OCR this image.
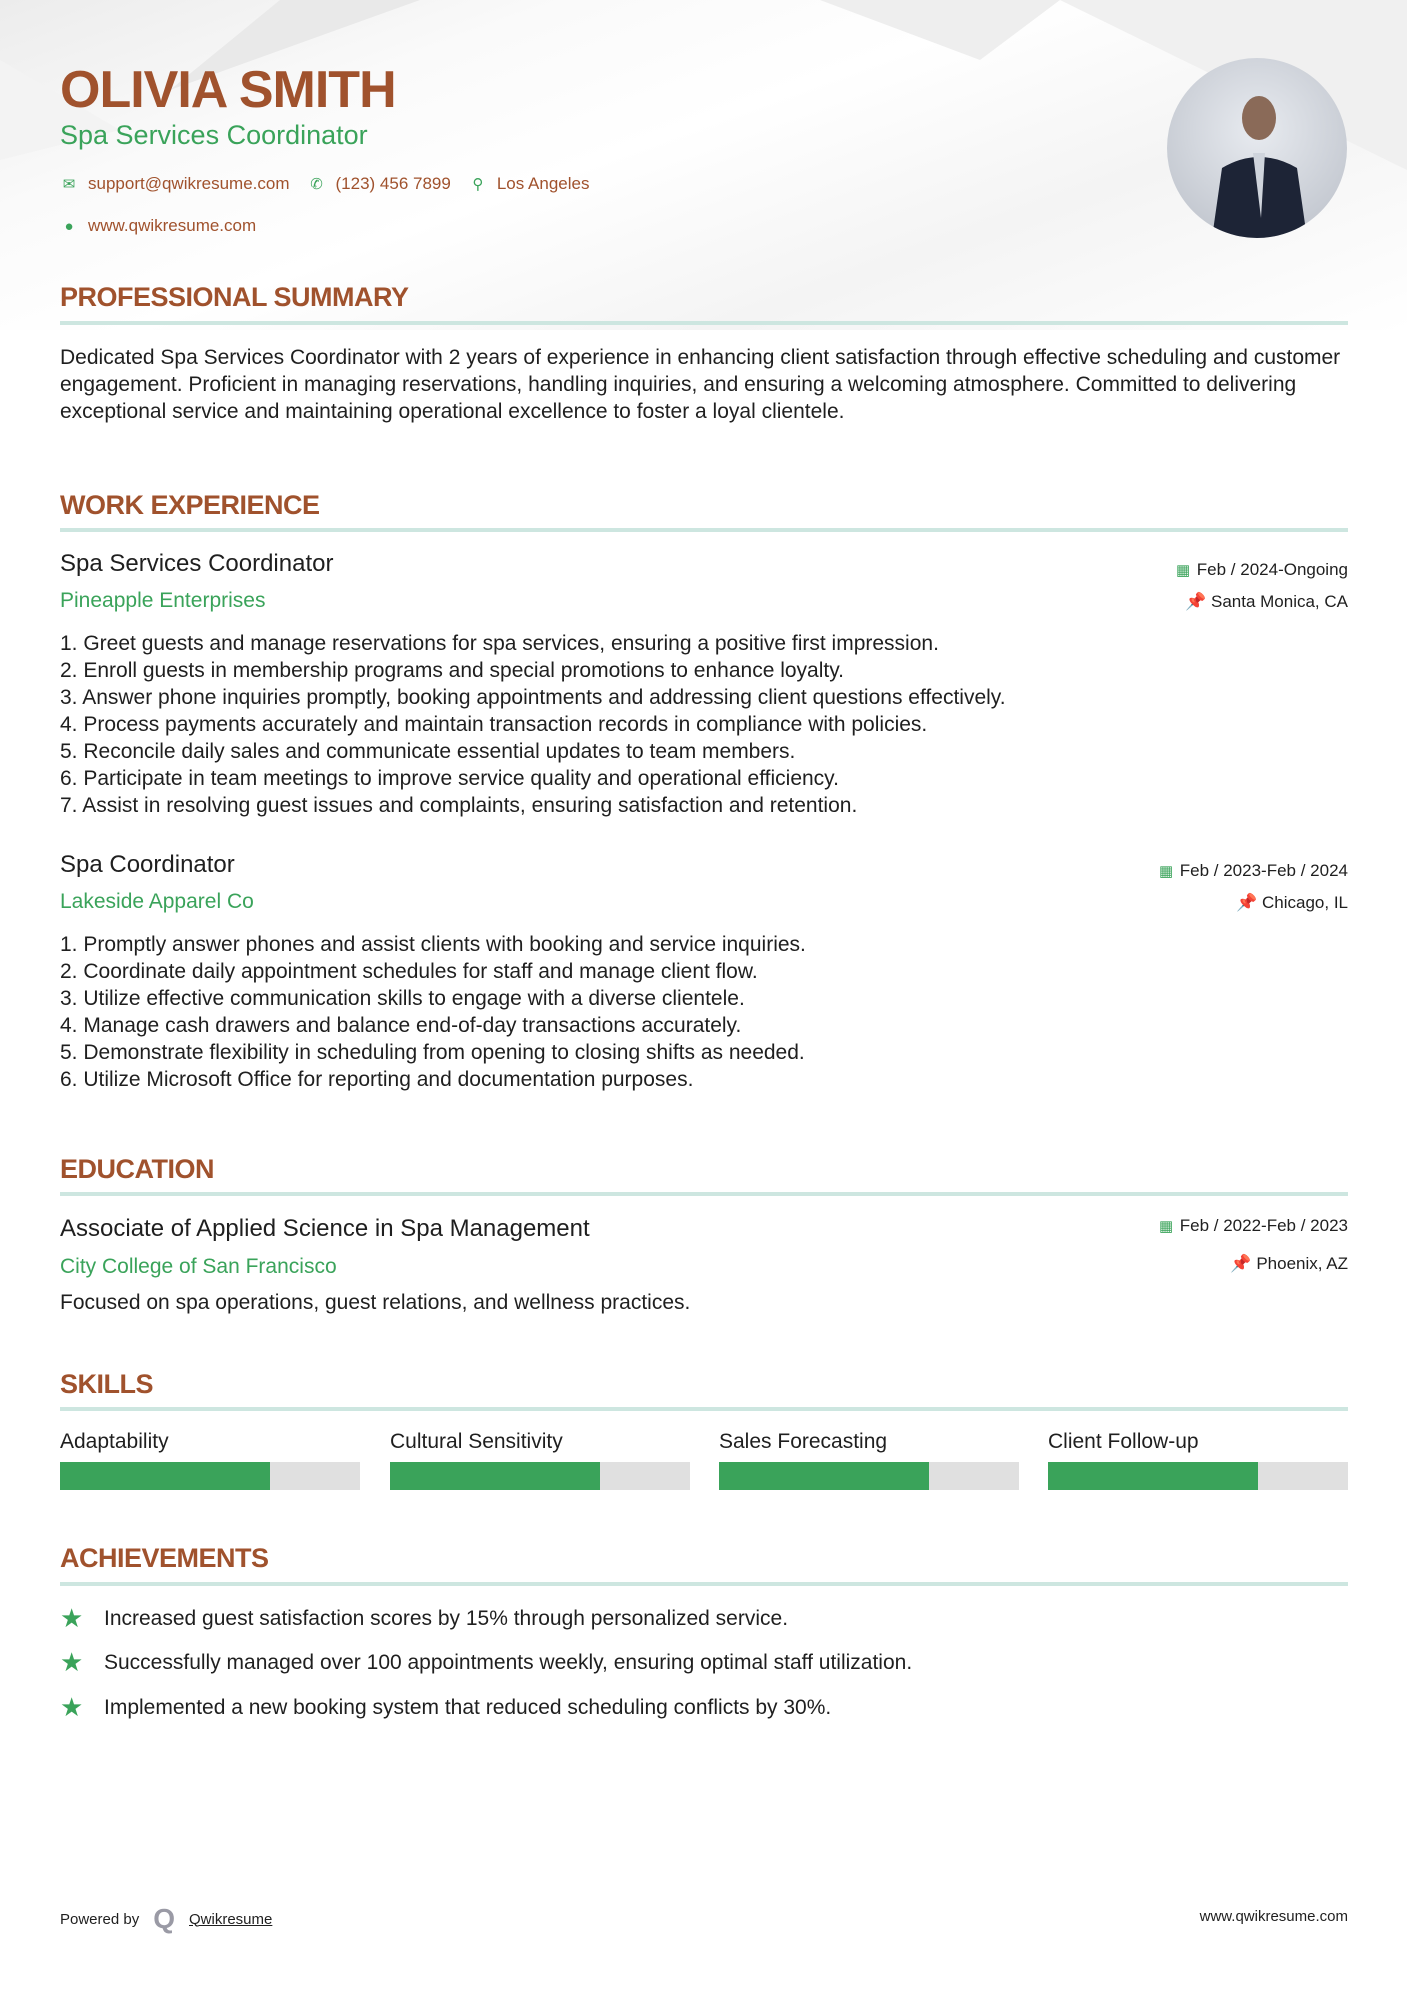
OLIVIA SMITH
Spa Services Coordinator
✉ support@qwikresume.com ✆ (123) 456 7899 ⚲ Los Angeles
● www.qwikresume.com
PROFESSIONAL SUMMARY
Dedicated Spa Services Coordinator with 2 years of experience in enhancing client satisfaction through effective scheduling and customer engagement. Proficient in managing reservations, handling inquiries, and ensuring a welcoming atmosphere. Committed to delivering exceptional service and maintaining operational excellence to foster a loyal clientele.
WORK EXPERIENCE
Spa Services Coordinator
Pineapple Enterprises
▦ Feb / 2024-Ongoing
📌 Santa Monica, CA
1. Greet guests and manage reservations for spa services, ensuring a positive first impression.
2. Enroll guests in membership programs and special promotions to enhance loyalty.
3. Answer phone inquiries promptly, booking appointments and addressing client questions effectively.
4. Process payments accurately and maintain transaction records in compliance with policies.
5. Reconcile daily sales and communicate essential updates to team members.
6. Participate in team meetings to improve service quality and operational efficiency.
7. Assist in resolving guest issues and complaints, ensuring satisfaction and retention.
Spa Coordinator
Lakeside Apparel Co
▦ Feb / 2023-Feb / 2024
📌 Chicago, IL
1. Promptly answer phones and assist clients with booking and service inquiries.
2. Coordinate daily appointment schedules for staff and manage client flow.
3. Utilize effective communication skills to engage with a diverse clientele.
4. Manage cash drawers and balance end-of-day transactions accurately.
5. Demonstrate flexibility in scheduling from opening to closing shifts as needed.
6. Utilize Microsoft Office for reporting and documentation purposes.
EDUCATION
Associate of Applied Science in Spa Management
City College of San Francisco
▦ Feb / 2022-Feb / 2023
📌 Phoenix, AZ
Focused on spa operations, guest relations, and wellness practices.
SKILLS
Adaptability	Cultural Sensitivity	Sales Forecasting	Client Follow-up
ACHIEVEMENTS
★ Increased guest satisfaction scores by 15% through personalized service.
★ Successfully managed over 100 appointments weekly, ensuring optimal staff utilization.
★ Implemented a new booking system that reduced scheduling conflicts by 30%.
Powered by Q Qwikresume	www.qwikresume.com
